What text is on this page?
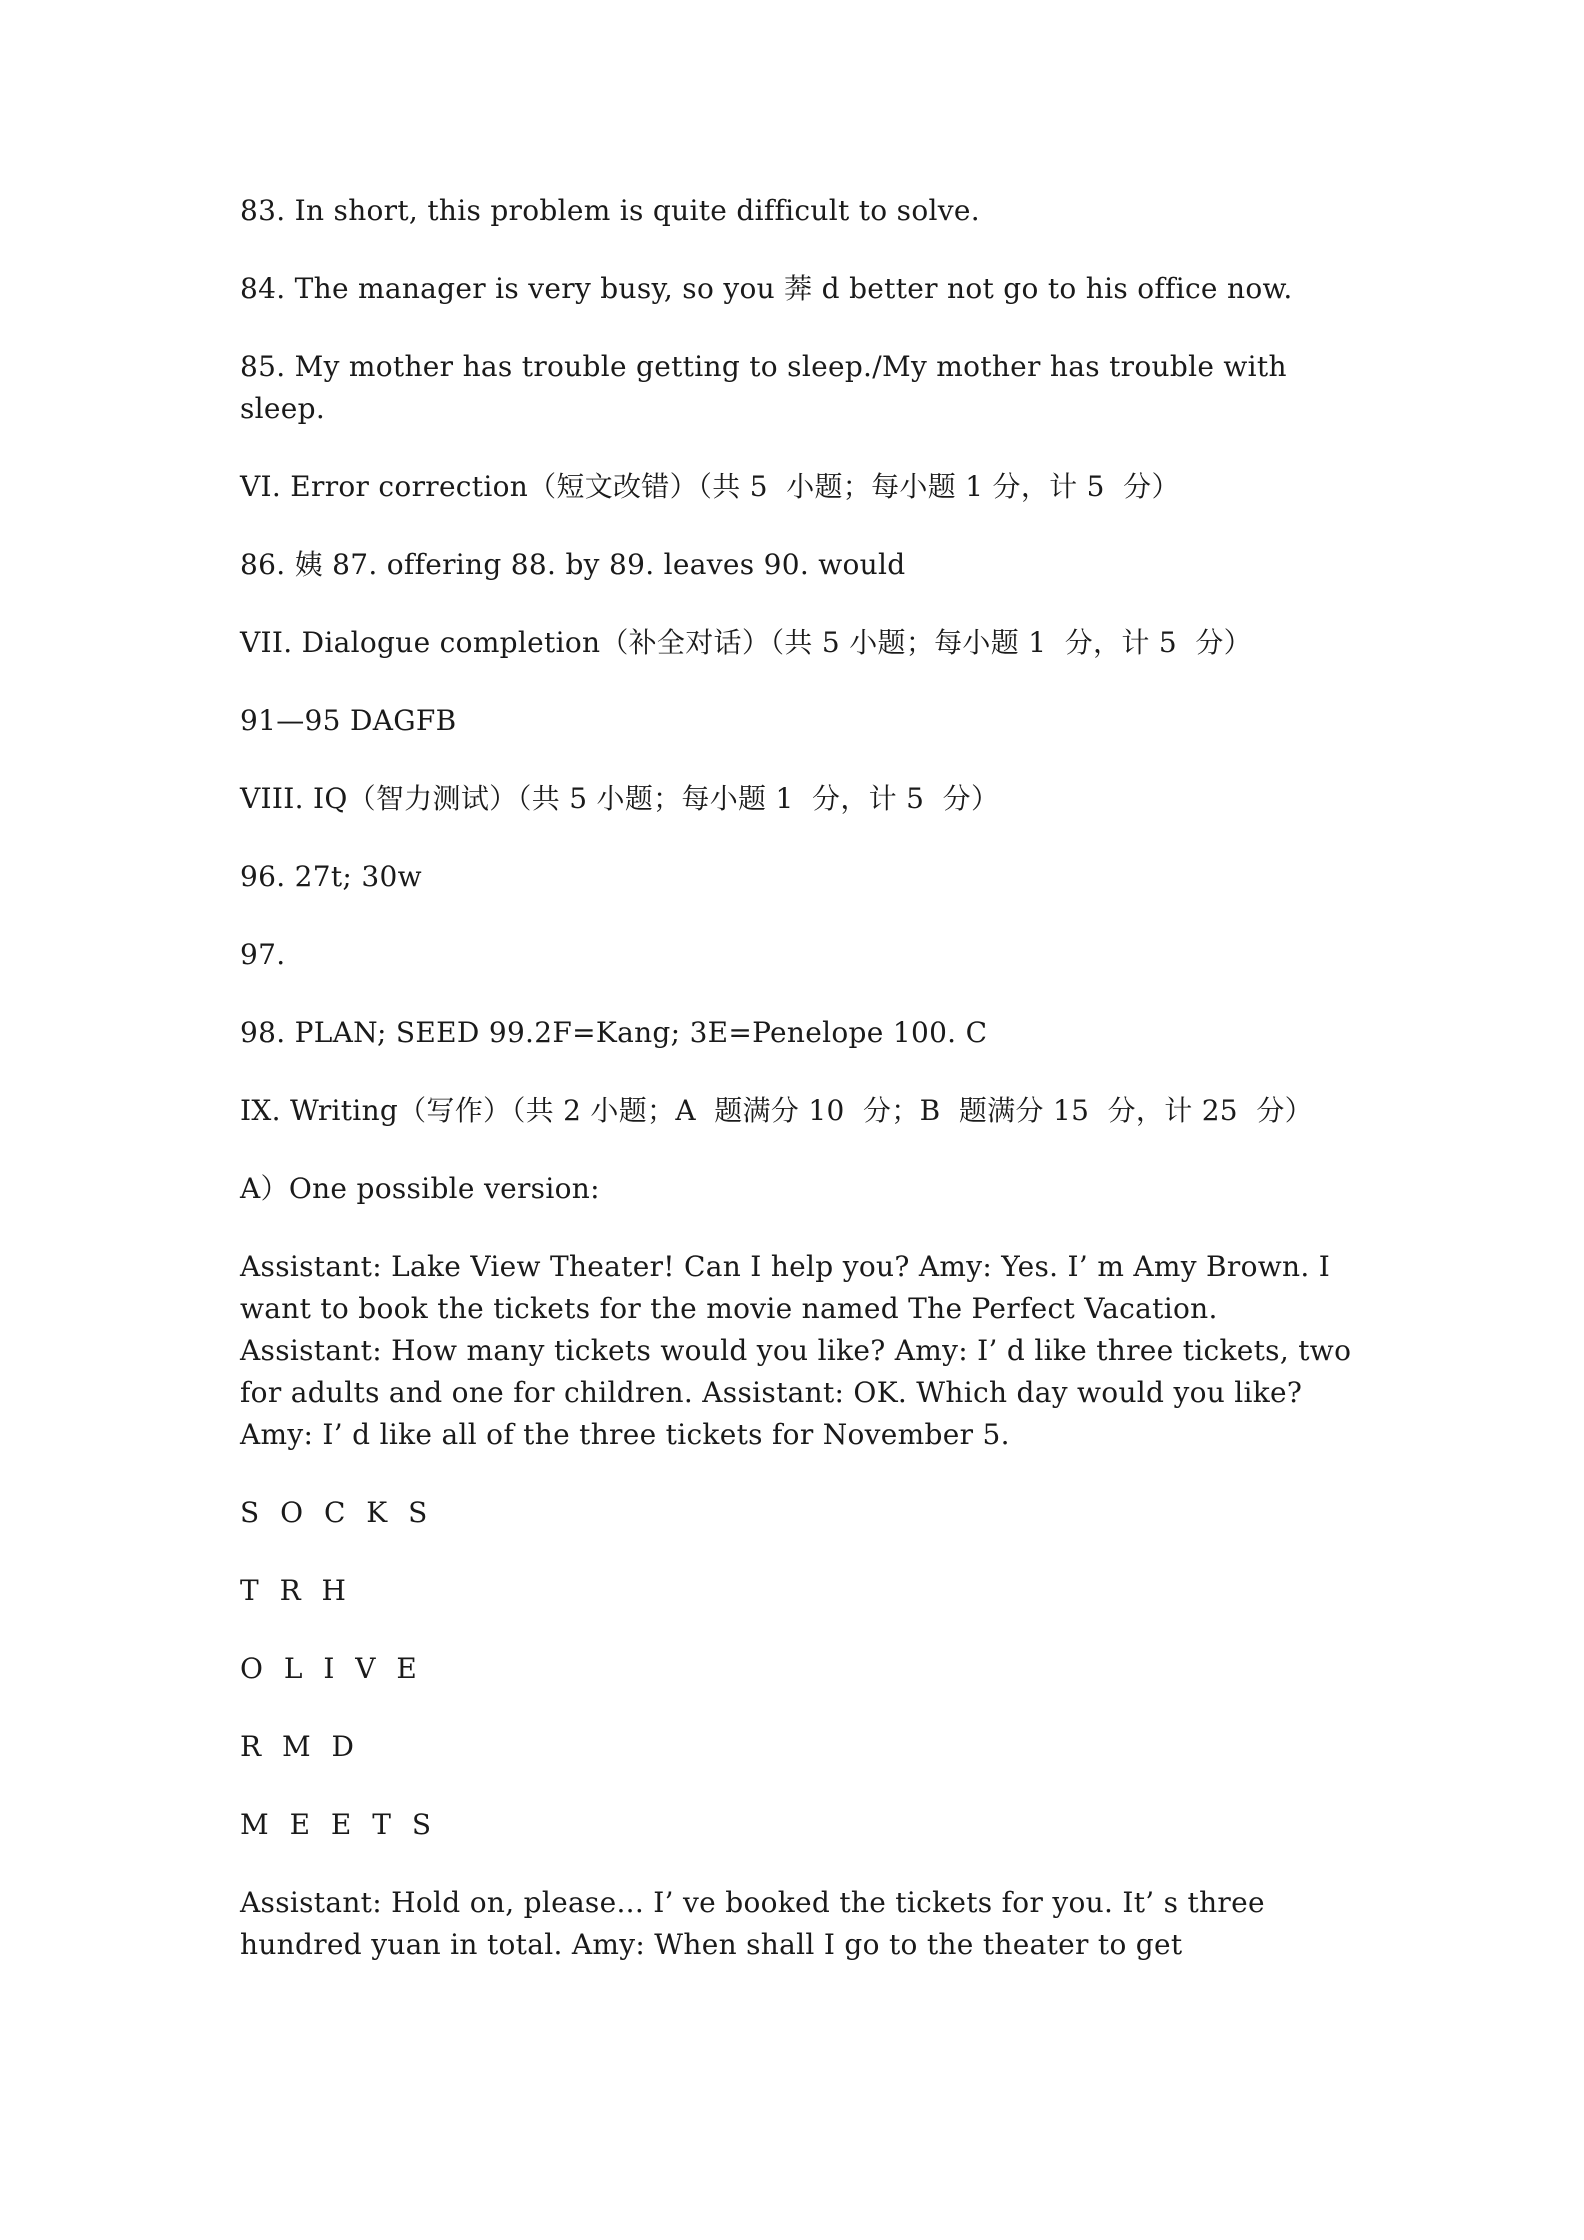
83. In short, this problem is quite difficult to solve.

84. The manager is very busy, so you 莾 d better not go to his office now.

85. My mother has trouble getting to sleep./My mother has trouble with sleep.

VI. Error correction（短文改错）（共 5  小题；每小题 1 分，计 5  分）

86. 姨 87. offering 88. by 89. leaves 90. would

VII. Dialogue completion（补全对话）（共 5 小题；每小题 1  分，计 5  分）

91—95 DAGFB

VIII. IQ（智力测试）（共 5 小题；每小题 1  分，计 5  分）

96. 27t; 30w

97.

98. PLAN; SEED 99.2F=Kang; 3E=Penelope 100. C

IX. Writing（写作）（共 2 小题；A  题满分 10  分；B  题满分 15  分，计 25  分）

A）One possible version:

Assistant: Lake View Theater! Can I help you? Amy: Yes. I’ m Amy Brown. I want to book the tickets for the movie named The Perfect Vacation. Assistant: How many tickets would you like? Amy: I’ d like three tickets, two for adults and one for children. Assistant: OK. Which day would you like? Amy: I’ d like all of the three tickets for November 5.

S O C K S

T R H

O L I V E

R M D

M E E T S

Assistant: Hold on, please... I’ ve booked the tickets for you. It’ s three hundred yuan in total. Amy: When shall I go to the theater to get
